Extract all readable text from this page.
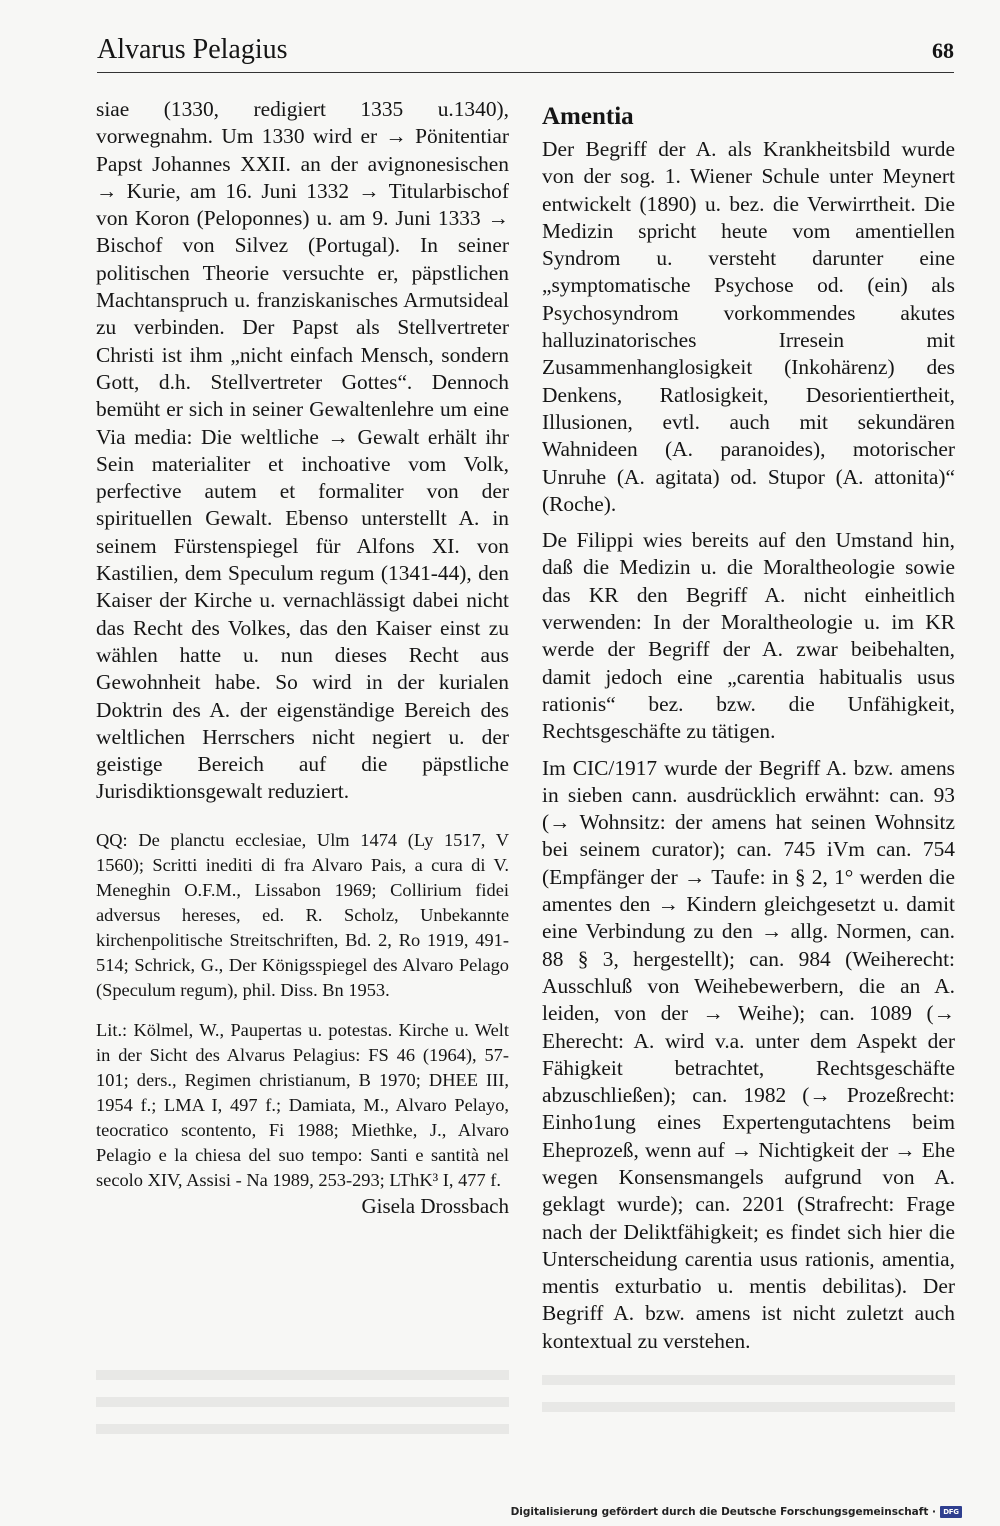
Alvarus Pelagius	68

siae (1330, redigiert 1335 u.1340), vorwegnahm. Um 1330 wird er → Pönitentiar Papst Johannes XXII. an der avignonesischen → Kurie, am 16. Juni 1332 → Titularbischof von Koron (Peloponnes) u. am 9. Juni 1333 → Bischof von Silvez (Portugal). In seiner politischen Theorie versuchte er, päpstlichen Machtanspruch u. franziskanisches Armutsideal zu verbinden. Der Papst als Stellvertreter Christi ist ihm „nicht einfach Mensch, sondern Gott, d.h. Stellvertreter Gottes“. Dennoch bemüht er sich in seiner Gewaltenlehre um eine Via media: Die weltliche → Gewalt erhält ihr Sein materialiter et inchoative vom Volk, perfective autem et formaliter von der spirituellen Gewalt. Ebenso unterstellt A. in seinem Fürstenspiegel für Alfons XI. von Kastilien, dem Speculum regum (1341-44), den Kaiser der Kirche u. vernachlässigt dabei nicht das Recht des Volkes, das den Kaiser einst zu wählen hatte u. nun dieses Recht aus Gewohnheit habe. So wird in der kurialen Doktrin des A. der eigenständige Bereich des weltlichen Herrschers nicht negiert u. der geistige Bereich auf die päpstliche Jurisdiktionsgewalt reduziert.

QQ: De planctu ecclesiae, Ulm 1474 (Ly 1517, V 1560); Scritti inediti di fra Alvaro Pais, a cura di V. Meneghin O.F.M., Lissabon 1969; Collirium fidei adversus hereses, ed. R. Scholz, Unbekannte kirchenpolitische Streitschriften, Bd. 2, Ro 1919, 491-514; Schrick, G., Der Königsspiegel des Alvaro Pelago (Speculum regum), phil. Diss. Bn 1953.

Lit.: Kölmel, W., Paupertas u. potestas. Kirche u. Welt in der Sicht des Alvarus Pelagius: FS 46 (1964), 57-101; ders., Regimen christianum, B 1970; DHEE III, 1954 f.; LMA I, 497 f.; Damiata, M., Alvaro Pelayo, teocratico scontento, Fi 1988; Miethke, J., Alvaro Pelagio e la chiesa del suo tempo: Santi e santità nel secolo XIV, Assisi - Na 1989, 253-293; LThK³ I, 477 f.

Gisela Drossbach

Amentia

Der Begriff der A. als Krankheitsbild wurde von der sog. 1. Wiener Schule unter Meynert entwickelt (1890) u. bez. die Verwirrtheit. Die Medizin spricht heute vom amentiellen Syndrom u. versteht darunter eine „symptomatische Psychose od. (ein) als Psychosyndrom vorkommendes akutes halluzinatorisches Irresein mit Zusammenhanglosigkeit (Inkohärenz) des Denkens, Ratlosigkeit, Desorientiertheit, Illusionen, evtl. auch mit sekundären Wahnideen (A. paranoides), motorischer Unruhe (A. agitata) od. Stupor (A. attonita)“ (Roche).

De Filippi wies bereits auf den Umstand hin, daß die Medizin u. die Moraltheologie sowie das KR den Begriff A. nicht einheitlich verwenden: In der Moraltheologie u. im KR werde der Begriff der A. zwar beibehalten, damit jedoch eine „carentia habitualis usus rationis“ bez. bzw. die Unfähigkeit, Rechtsgeschäfte zu tätigen.

Im CIC/1917 wurde der Begriff A. bzw. amens in sieben cann. ausdrücklich erwähnt: can. 93 (→ Wohnsitz: der amens hat seinen Wohnsitz bei seinem curator); can. 745 iVm can. 754 (Empfänger der → Taufe: in § 2, 1° werden die amentes den → Kindern gleichgesetzt u. damit eine Verbindung zu den → allg. Normen, can. 88 § 3, hergestellt); can. 984 (Weiherecht: Ausschluß von Weihebewerbern, die an A. leiden, von der → Weihe); can. 1089 (→ Eherecht: A. wird v.a. unter dem Aspekt der Fähigkeit betrachtet, Rechtsgeschäfte abzuschließen); can. 1982 (→ Prozeßrecht: Einho1ung eines Expertengutachtens beim Eheprozeß, wenn auf → Nichtigkeit der → Ehe wegen Konsensmangels aufgrund von A. geklagt wurde); can. 2201 (Strafrecht: Frage nach der Deliktfähigkeit; es findet sich hier die Unterscheidung carentia usus rationis, amentia, mentis exturbatio u. mentis debilitas). Der Begriff A. bzw. amens ist nicht zuletzt auch kontextual zu verstehen.

Digitalisierung gefördert durch die Deutsche Forschungsgemeinschaft ·	DFG
